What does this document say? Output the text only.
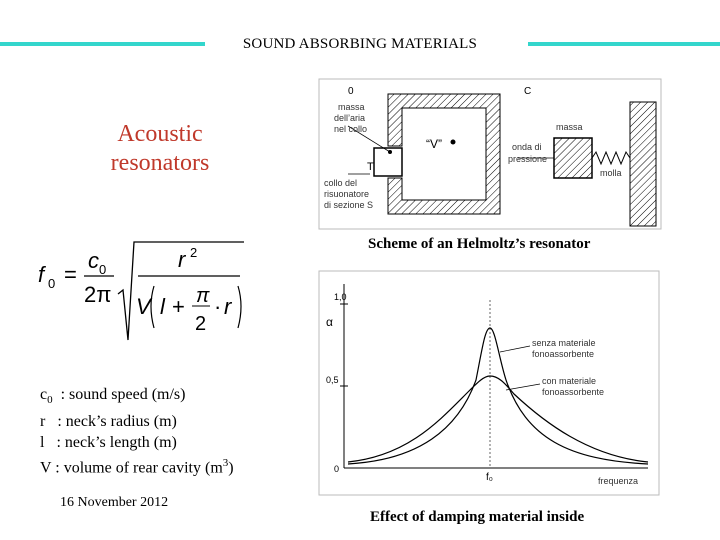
SOUND ABSORBING MATERIALS
Acoustic
resonators
f 0 =
c 0
2π
r 2
V l + π
2
· r
$c_0$  : sound speed (m/s)
r   : neck’s radius (m)
l   : neck’s length (m)
V : volume of rear cavity $(m^3)$
16 November 2012
“V”
T
0	C
massa
dell’aria
nel collo
collo del
risuonatore
di sezione S
massa
onda di
pressione
molla
Scheme of an Helmoltz’s resonator
1,0
α
0,5
0
f₀	frequenza
senza materiale
fonoassorbente
con materiale
fonoassorbente
Effect of damping material inside
